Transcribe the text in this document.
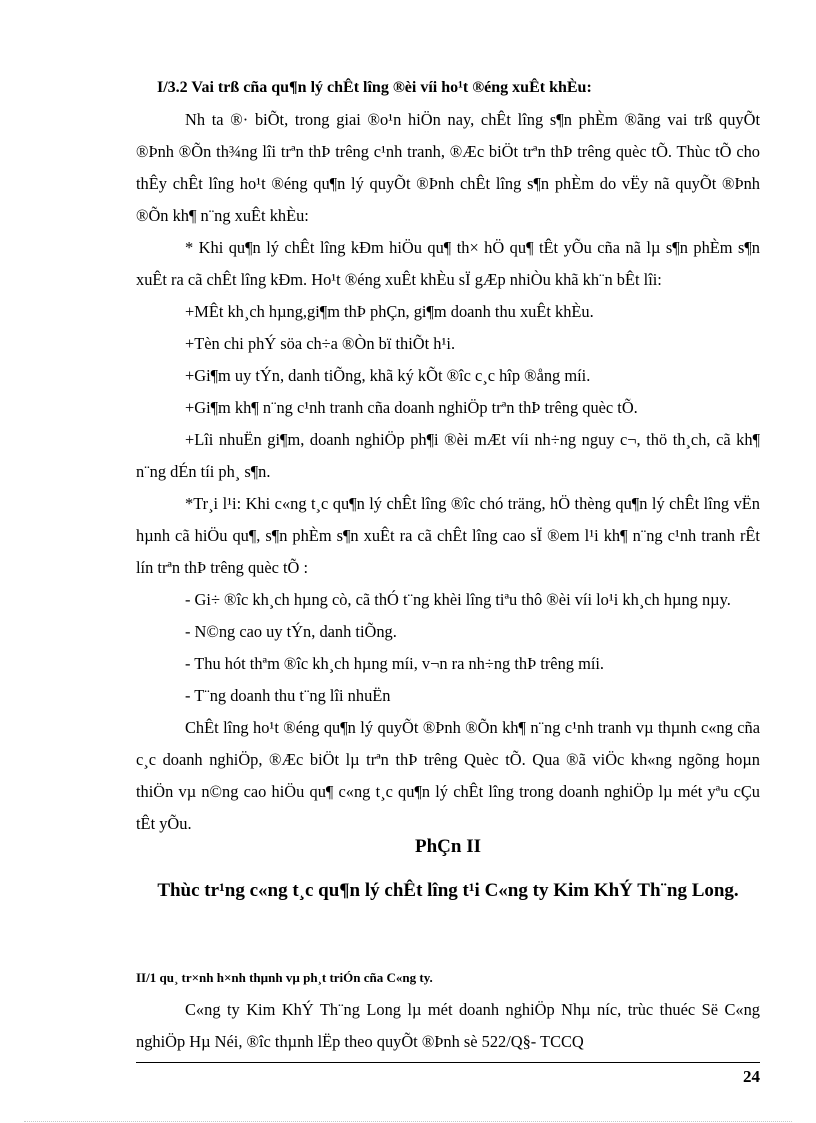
I/3.2 Vai trß cña qu¶n lý chÊt lîng ®èi víi ho¹t ®éng xuÊt khÈu:

Nh ta ®· biÕt, trong giai ®o¹n hiÖn nay, chÊt lîng s¶n phÈm ®ãng vai trß quyÕt ®Þnh ®Õn th¾ng lîi trªn thÞ trêng c¹nh tranh, ®Æc biÖt trªn thÞ trêng quèc tÕ. Thùc tÕ cho thÊy chÊt lîng ho¹t ®éng qu¶n lý quyÕt ®Þnh chÊt lîng s¶n phÈm do vËy nã quyÕt ®Þnh ®Õn kh¶ n¨ng xuÊt khÈu:

* Khi qu¶n lý chÊt lîng kÐm hiÖu qu¶ th× hÖ qu¶ tÊt yÕu cña nã lµ s¶n phÈm s¶n xuÊt ra cã chÊt lîng kÐm. Ho¹t ®éng xuÊt khÈu sÏ gÆp nhiÒu khã kh¨n bÊt lîi:

+MÊt kh¸ch hµng,gi¶m thÞ phÇn, gi¶m doanh thu xuÊt khÈu.

+Tèn chi phÝ söa ch÷a ®Òn bï thiÕt h¹i.

+Gi¶m uy tÝn, danh tiÕng, khã ký kÕt ®îc c¸c hîp ®ång míi.

+Gi¶m kh¶ n¨ng c¹nh tranh cña doanh nghiÖp trªn thÞ trêng quèc tÕ.

+Lîi nhuËn gi¶m, doanh nghiÖp ph¶i ®èi mÆt víi nh÷ng nguy c¬, thö th¸ch, cã kh¶ n¨ng dÉn tíi ph¸ s¶n.

*Tr¸i l¹i: Khi c«ng t¸c qu¶n lý chÊt lîng ®îc chó träng, hÖ thèng qu¶n lý chÊt lîng vËn hµnh cã hiÖu qu¶, s¶n phÈm s¶n xuÊt ra cã chÊt lîng cao sÏ ®em l¹i kh¶ n¨ng c¹nh tranh rÊt lín trªn thÞ trêng quèc tÕ :

- Gi÷ ®îc kh¸ch hµng cò, cã thÓ t¨ng khèi lîng tiªu thô ®èi víi lo¹i kh¸ch hµng nµy.

- N©ng cao uy tÝn, danh tiÕng.

- Thu hót thªm ®îc kh¸ch hµng míi, v¬n ra nh÷ng thÞ trêng míi.

- T¨ng doanh thu t¨ng lîi nhuËn

ChÊt lîng ho¹t ®éng qu¶n lý quyÕt ®Þnh ®Õn kh¶ n¨ng c¹nh tranh vµ thµnh c«ng cña c¸c doanh nghiÖp, ®Æc biÖt lµ trªn thÞ trêng Quèc tÕ. Qua ®ã viÖc kh«ng ngõng hoµn thiÖn vµ n©ng cao hiÖu qu¶ c«ng t¸c qu¶n lý chÊt lîng trong doanh nghiÖp lµ mét yªu cÇu tÊt yÕu.

PhÇn II
Thùc tr¹ng c«ng t¸c qu¶n lý chÊt lîng t¹i C«ng ty Kim KhÝ Th¨ng Long.
II/1 qu¸ tr×nh h×nh thµnh vµ ph¸t triÓn cña C«ng ty.

C«ng ty Kim KhÝ Th¨ng Long lµ mét doanh nghiÖp Nhµ níc, trùc thuéc Së C«ng nghiÖp Hµ Néi, ®îc thµnh lËp theo quyÕt ®Þnh sè 522/Q§- TCCQ

24
